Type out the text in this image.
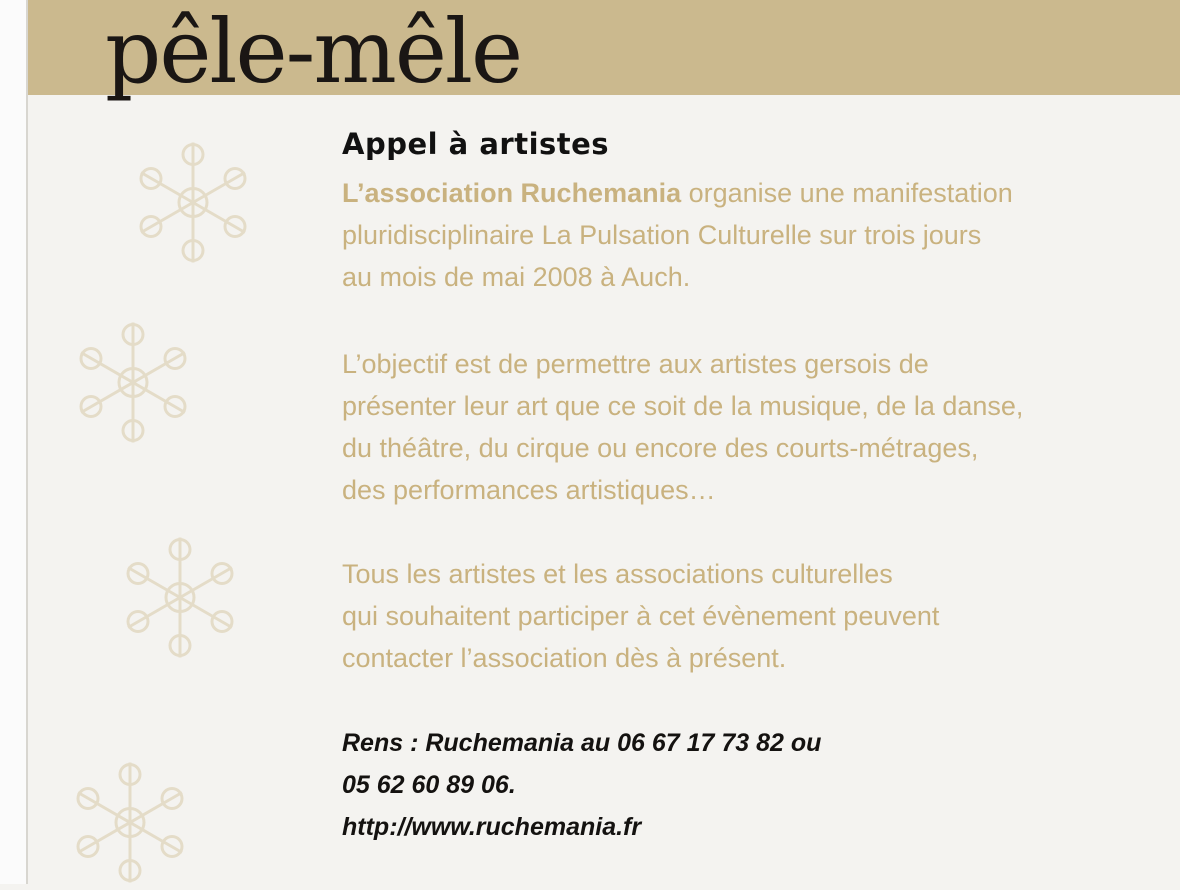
pêle-mêle
Appel à artistes
L’association Ruchemania organise une manifestation
pluridisciplinaire La Pulsation Culturelle sur trois jours
au mois de mai 2008 à Auch.
L’objectif est de permettre aux artistes gersois de
présenter leur art que ce soit de la musique, de la danse,
du théâtre, du cirque ou encore des courts-métrages,
des performances artistiques…
Tous les artistes et les associations culturelles
qui souhaitent participer à cet évènement peuvent
contacter l’association dès à présent.
Rens : Ruchemania au 06 67 17 73 82 ou
05 62 60 89 06.
http://www.ruchemania.fr
